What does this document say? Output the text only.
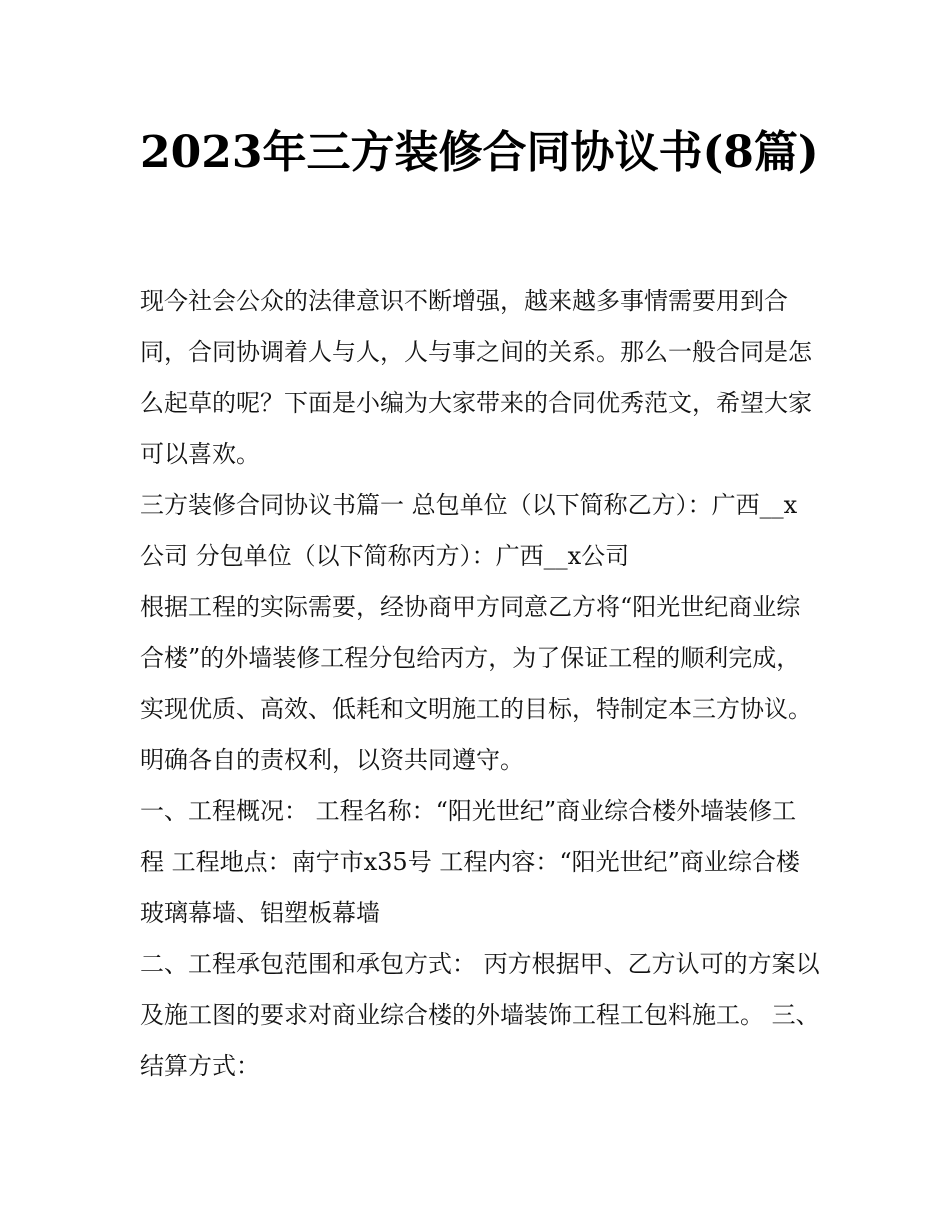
2023年三方装修合同协议书(8篇)

现今社会公众的法律意识不断增强，越来越多事情需要用到合同，合同协调着人与人，人与事之间的关系。那么一般合同是怎么起草的呢？下面是小编为大家带来的合同优秀范文，希望大家可以喜欢。

三方装修合同协议书篇一 总包单位（以下简称乙方）：广西__x公司 分包单位（以下简称丙方）：广西__x公司

根据工程的实际需要，经协商甲方同意乙方将“阳光世纪商业综合楼”的外墙装修工程分包给丙方，为了保证工程的顺利完成，实现优质、高效、低耗和文明施工的目标，特制定本三方协议。明确各自的责权利，以资共同遵守。

一、工程概况： 工程名称：“阳光世纪”商业综合楼外墙装修工程 工程地点：南宁市x35号 工程内容：“阳光世纪”商业综合楼玻璃幕墙、铝塑板幕墙

二、工程承包范围和承包方式： 丙方根据甲、乙方认可的方案以及施工图的要求对商业综合楼的外墙装饰工程工包料施工。 三、结算方式：
